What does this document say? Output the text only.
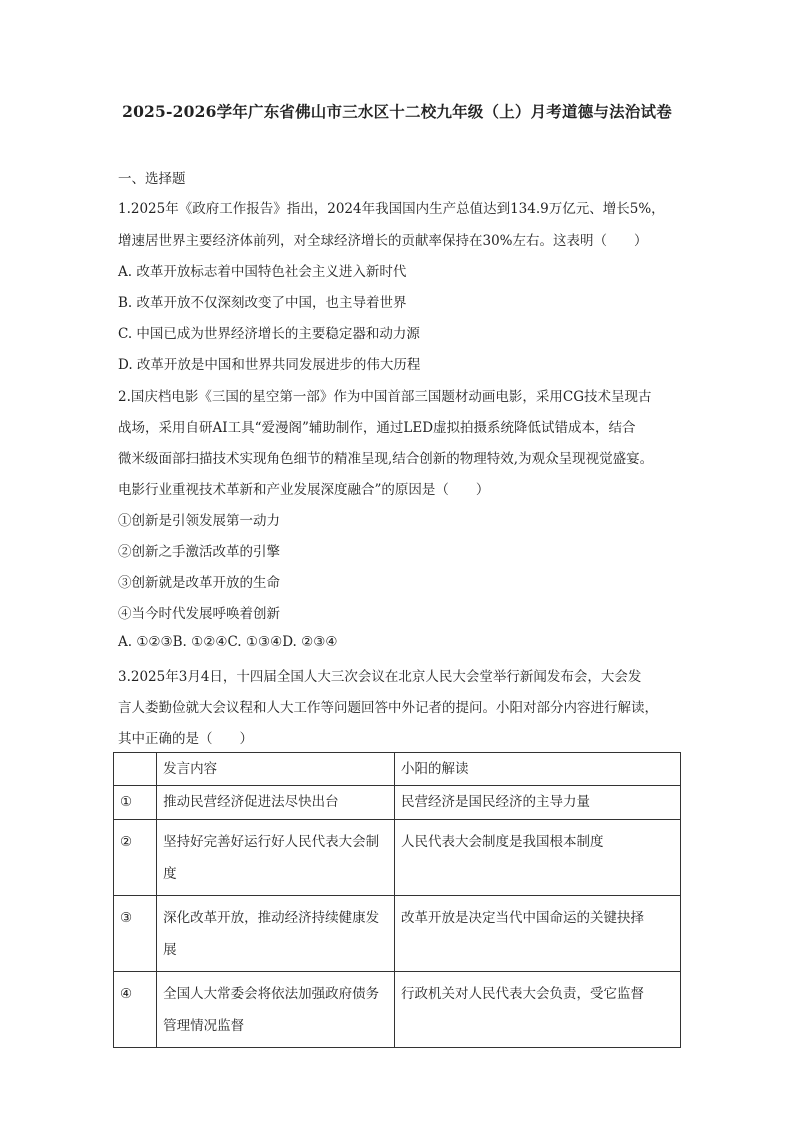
2025-2026学年广东省佛山市三水区十二校九年级（上）月考道德与法治试卷
一、选择题
1.2025年《政府工作报告》指出，2024年我国国内生产总值达到134.9万亿元、增长5%，
增速居世界主要经济体前列，对全球经济增长的贡献率保持在30%左右。这表明（　　）
A. 改革开放标志着中国特色社会主义进入新时代
B. 改革开放不仅深刻改变了中国，也主导着世界
C. 中国已成为世界经济增长的主要稳定器和动力源
D. 改革开放是中国和世界共同发展进步的伟大历程
2.国庆档电影《三国的星空第一部》作为中国首部三国题材动画电影，采用CG技术呈现古
战场，采用自研AI工具“爱漫阁”辅助制作，通过LED虚拟拍摄系统降低试错成本，结合
微米级面部扫描技术实现角色细节的精准呈现,结合创新的物理特效,为观众呈现视觉盛宴。
电影行业重视技术革新和产业发展深度融合”的原因是（　　）
①创新是引领发展第一动力
②创新之手激活改革的引擎
③创新就是改革开放的生命
④当今时代发展呼唤着创新
A. ①②③B. ①②④C. ①③④D. ②③④
3.2025年3月4日，十四届全国人大三次会议在北京人民大会堂举行新闻发布会，大会发
言人娄勤俭就大会议程和人大工作等问题回答中外记者的提问。小阳对部分内容进行解读，
其中正确的是（　　）
	发言内容	小阳的解读
①	推动民营经济促进法尽快出台	民营经济是国民经济的主导力量
②	坚持好完善好运行好人民代表大会制度	人民代表大会制度是我国根本制度
③	深化改革开放，推动经济持续健康发展	改革开放是决定当代中国命运的关键抉择
④	全国人大常委会将依法加强政府债务管理情况监督	行政机关对人民代表大会负责，受它监督
